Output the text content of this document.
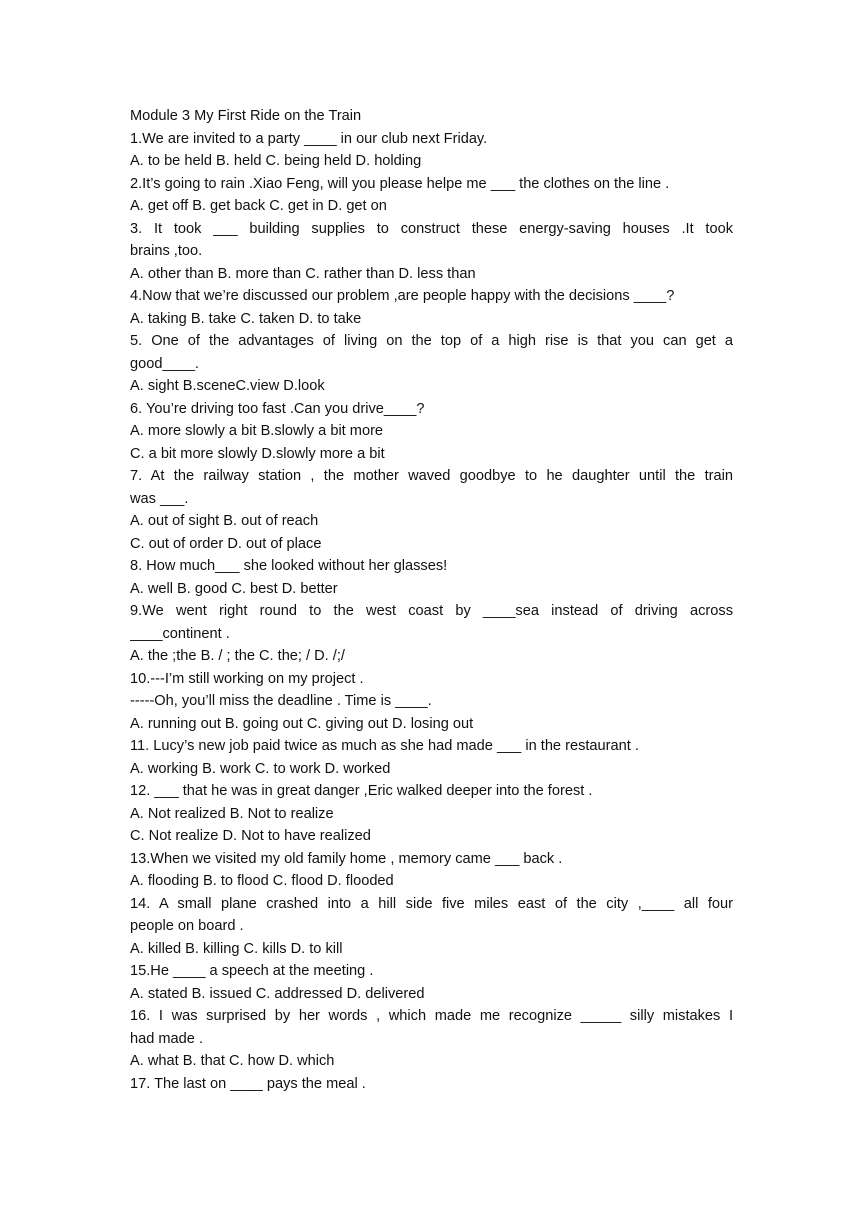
Module 3 My First Ride on the Train
1.We are invited to a party ____ in our club next Friday.
A. to be held B. held C. being held D. holding
2.It’s going to rain .Xiao Feng, will you please helpe me ___ the clothes on the line .
A. get off B. get back C. get in D. get on
3. It took ___ building supplies to construct these energy-saving houses .It took
brains ,too.
A. other than B. more than C. rather than D. less than
4.Now that we’re discussed our problem ,are people happy with the decisions ____?
A. taking B. take C. taken D. to take
5. One of the advantages of living on the top of a high rise is that you can get a
good____.
A. sight B.sceneC.view D.look
6. You’re driving too fast .Can you drive____?
A. more slowly a bit B.slowly a bit more
C. a bit more slowly D.slowly more a bit
7. At the railway station , the mother waved goodbye to he daughter until the train
was ___.
A. out of sight B. out of reach
C. out of order D. out of place
8. How much___ she looked without her glasses!
A. well B. good C. best D. better
9.We went right round to the west coast by ____sea instead of driving across
____continent .
A. the ;the B. / ; the C. the; / D. /;/
10.---I’m still working on my project .
-----Oh, you’ll miss the deadline . Time is ____.
A. running out B. going out C. giving out D. losing out
11. Lucy’s new job paid twice as much as she had made ___ in the restaurant .
A. working B. work C. to work D. worked
12. ___ that he was in great danger ,Eric walked deeper into the forest .
A. Not realized B. Not to realize
C. Not realize D. Not to have realized
13.When we visited my old family home , memory came ___ back .
A. flooding B. to flood C. flood D. flooded
14. A small plane crashed into a hill side five miles east of the city ,____ all four
people on board .
A. killed B. killing C. kills D. to kill
15.He ____ a speech at the meeting .
A. stated B. issued C. addressed D. delivered
16. I was surprised by her words , which made me recognize _____ silly mistakes I
had made .
A. what B. that C. how D. which
17. The last on ____ pays the meal .
